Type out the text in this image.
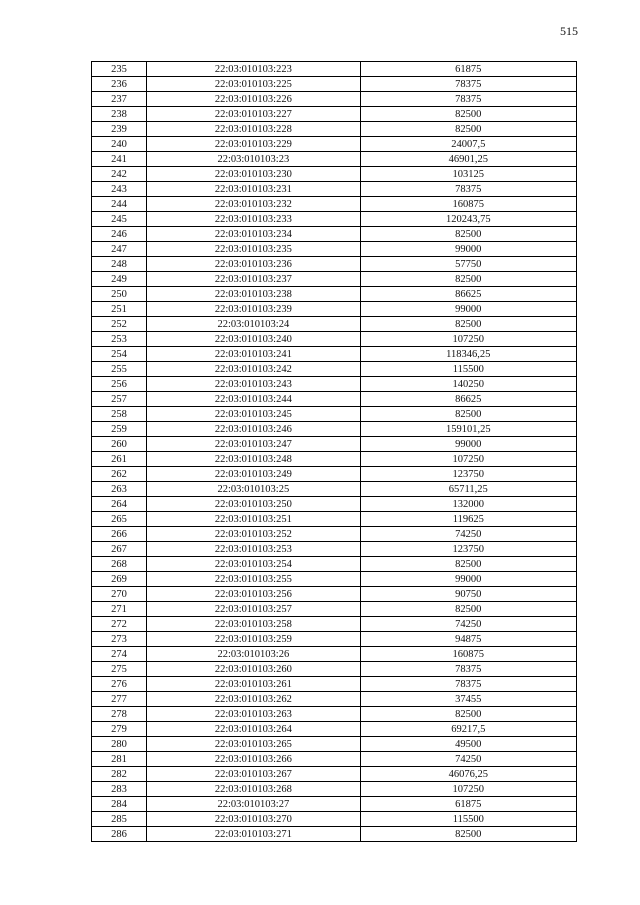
515
235	22:03:010103:223	61875
236	22:03:010103:225	78375
237	22:03:010103:226	78375
238	22:03:010103:227	82500
239	22:03:010103:228	82500
240	22:03:010103:229	24007,5
241	22:03:010103:23	46901,25
242	22:03:010103:230	103125
243	22:03:010103:231	78375
244	22:03:010103:232	160875
245	22:03:010103:233	120243,75
246	22:03:010103:234	82500
247	22:03:010103:235	99000
248	22:03:010103:236	57750
249	22:03:010103:237	82500
250	22:03:010103:238	86625
251	22:03:010103:239	99000
252	22:03:010103:24	82500
253	22:03:010103:240	107250
254	22:03:010103:241	118346,25
255	22:03:010103:242	115500
256	22:03:010103:243	140250
257	22:03:010103:244	86625
258	22:03:010103:245	82500
259	22:03:010103:246	159101,25
260	22:03:010103:247	99000
261	22:03:010103:248	107250
262	22:03:010103:249	123750
263	22:03:010103:25	65711,25
264	22:03:010103:250	132000
265	22:03:010103:251	119625
266	22:03:010103:252	74250
267	22:03:010103:253	123750
268	22:03:010103:254	82500
269	22:03:010103:255	99000
270	22:03:010103:256	90750
271	22:03:010103:257	82500
272	22:03:010103:258	74250
273	22:03:010103:259	94875
274	22:03:010103:26	160875
275	22:03:010103:260	78375
276	22:03:010103:261	78375
277	22:03:010103:262	37455
278	22:03:010103:263	82500
279	22:03:010103:264	69217,5
280	22:03:010103:265	49500
281	22:03:010103:266	74250
282	22:03:010103:267	46076,25
283	22:03:010103:268	107250
284	22:03:010103:27	61875
285	22:03:010103:270	115500
286	22:03:010103:271	82500
